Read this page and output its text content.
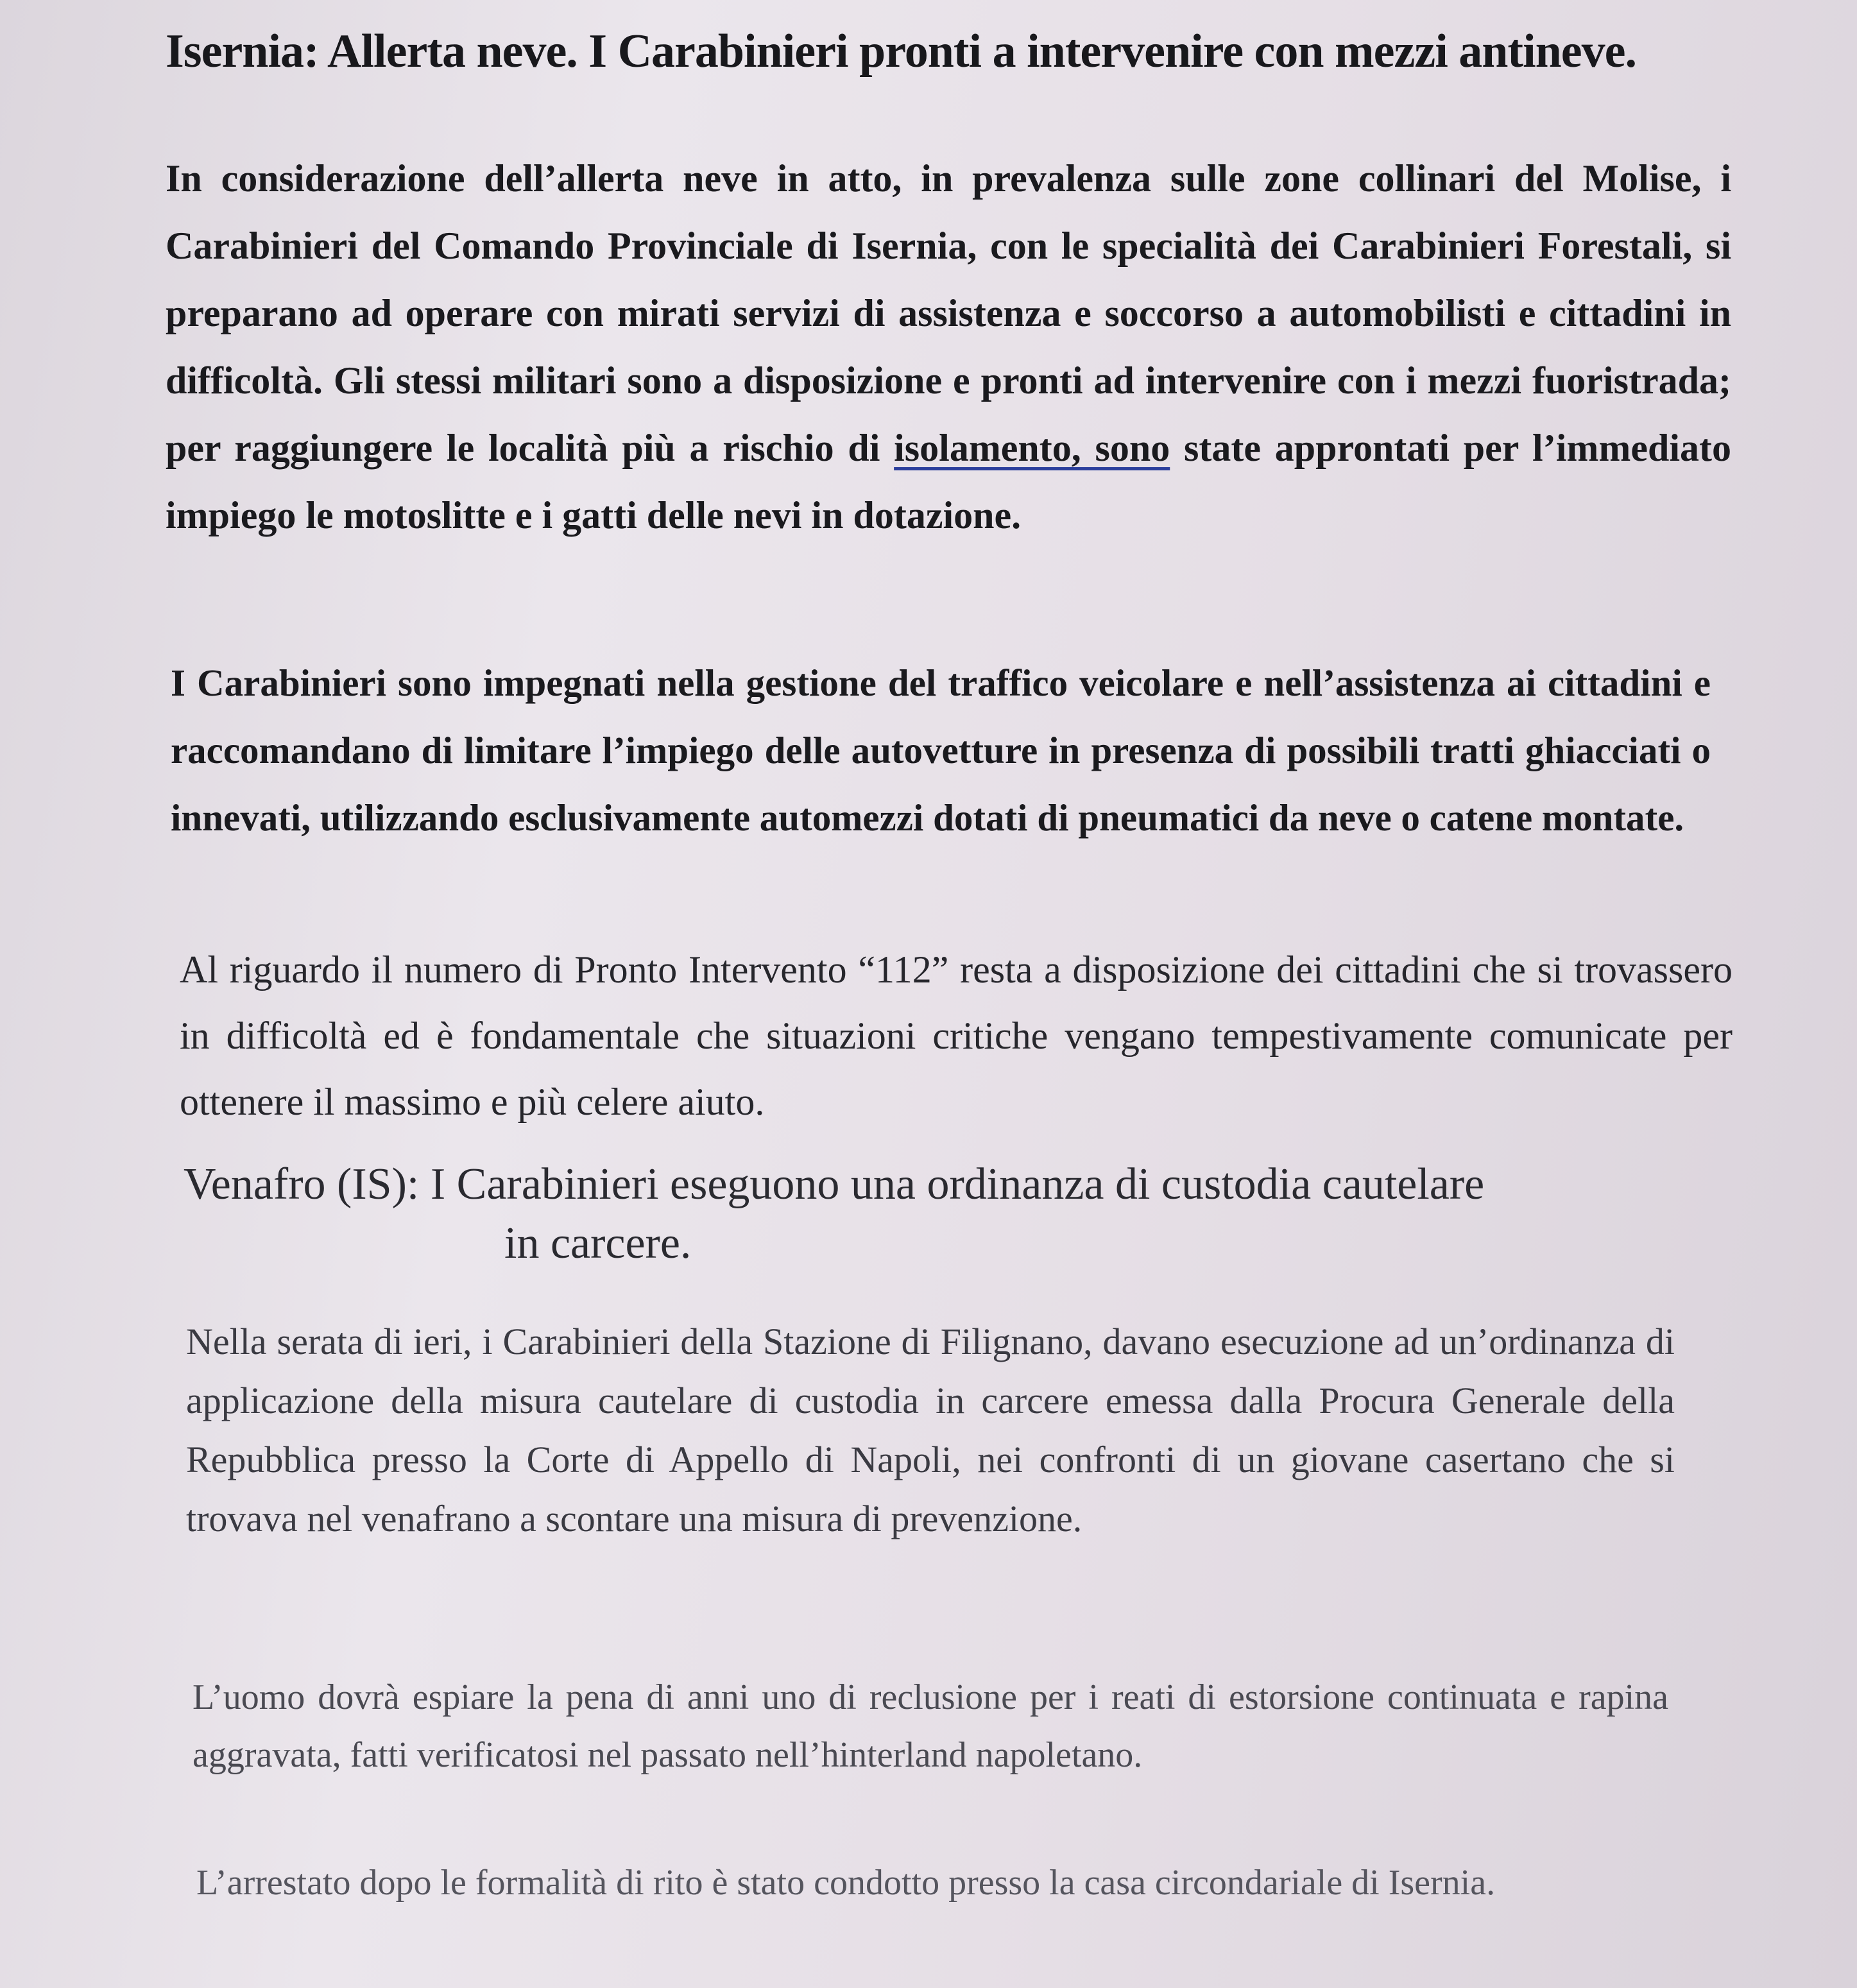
Isernia: Allerta neve. I Carabinieri pronti a intervenire con mezzi antineve.

In considerazione dell’allerta neve in atto, in prevalenza sulle zone collinari del Molise, i Carabinieri del Comando Provinciale di Isernia, con le specialità dei Carabinieri Forestali, si preparano ad operare con mirati servizi di assistenza e soccorso a automobilisti e cittadini in difficoltà. Gli stessi militari sono a disposizione e pronti ad intervenire con i mezzi fuoristrada; per raggiungere le località più a rischio di isolamento, sono state approntati per l’immediato impiego le motoslitte e i gatti delle nevi in dotazione.

I Carabinieri sono impegnati nella gestione del traffico veicolare e nell’assistenza ai cittadini e raccomandano di limitare l’impiego delle autovetture in presenza di possibili tratti ghiacciati o innevati, utilizzando esclusivamente automezzi dotati di pneumatici da neve o catene montate.

Al riguardo il numero di Pronto Intervento “112” resta a disposizione dei cittadini che si trovassero in difficoltà ed è fondamentale che situazioni critiche vengano tempestivamente comunicate per ottenere il massimo e più celere aiuto.

Venafro (IS): I Carabinieri eseguono una ordinanza di custodia cautelare
in carcere.

Nella serata di ieri, i Carabinieri della Stazione di Filignano, davano esecuzione ad un’ordinanza di applicazione della misura cautelare di custodia in carcere emessa dalla Procura Generale della Repubblica presso la Corte di Appello di Napoli, nei confronti di un giovane casertano che si trovava nel venafrano a scontare una misura di prevenzione.

L’uomo dovrà espiare la pena di anni uno di reclusione per i reati di estorsione continuata e rapina aggravata, fatti verificatosi nel passato nell’hinterland napoletano.

L’arrestato dopo le formalità di rito è stato condotto presso la casa circondariale di Isernia.
